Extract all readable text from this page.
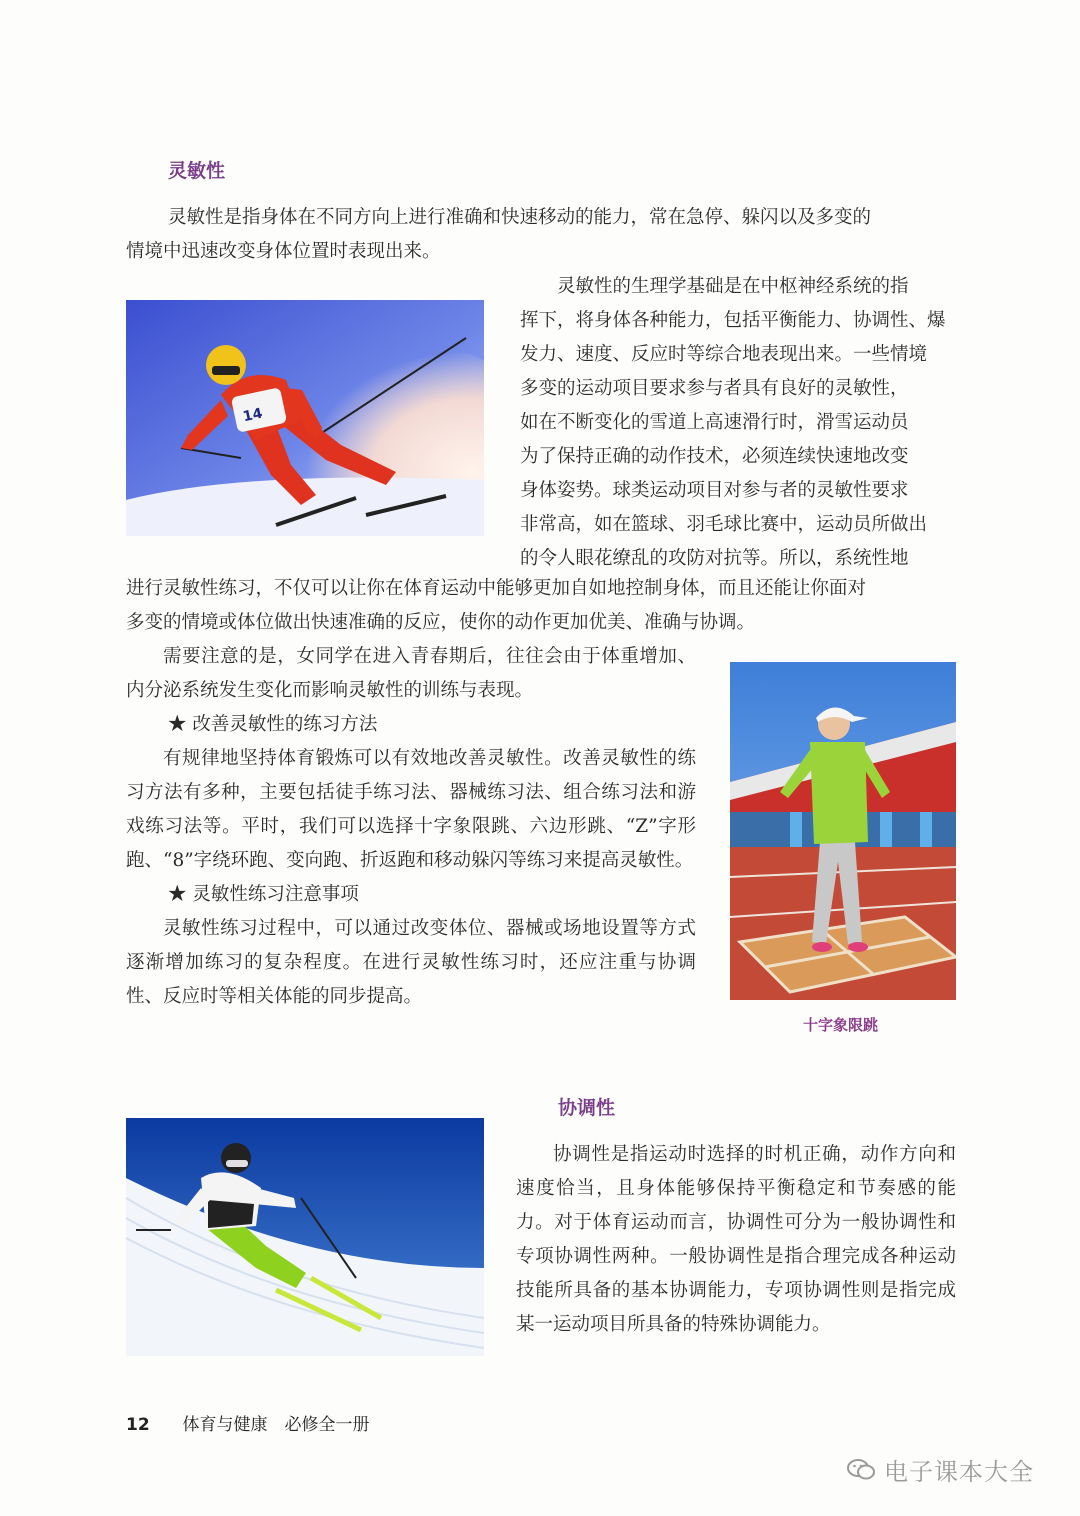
灵敏性
灵敏性是指身体在不同方向上进行准确和快速移动的能力，常在急停、躲闪以及多变的
情境中迅速改变身体位置时表现出来。
14
灵敏性的生理学基础是在中枢神经系统的指
挥下，将身体各种能力，包括平衡能力、协调性、爆
发力、速度、反应时等综合地表现出来。一些情境
多变的运动项目要求参与者具有良好的灵敏性，
如在不断变化的雪道上高速滑行时，滑雪运动员
为了保持正确的动作技术，必须连续快速地改变
身体姿势。球类运动项目对参与者的灵敏性要求
非常高，如在篮球、羽毛球比赛中，运动员所做出
的令人眼花缭乱的攻防对抗等。所以，系统性地
进行灵敏性练习，不仅可以让你在体育运动中能够更加自如地控制身体，而且还能让你面对
多变的情境或体位做出快速准确的反应，使你的动作更加优美、准确与协调。

需要注意的是，女同学在进入青春期后，往往会由于体重增加、内分泌系统发生变化而影响灵敏性的训练与表现。

★ 改善灵敏性的练习方法

有规律地坚持体育锻炼可以有效地改善灵敏性。改善灵敏性的练习方法有多种，主要包括徒手练习法、器械练习法、组合练习法和游戏练习法等。平时，我们可以选择十字象限跳、六边形跳、“Z”字形跑、“8”字绕环跑、变向跑、折返跑和移动躲闪等练习来提高灵敏性。

★ 灵敏性练习注意事项

灵敏性练习过程中，可以通过改变体位、器械或场地设置等方式逐渐增加练习的复杂程度。在进行灵敏性练习时，还应注重与协调性、反应时等相关体能的同步提高。

十字象限跳
协调性

协调性是指运动时选择的时机正确，动作方向和速度恰当，且身体能够保持平衡稳定和节奏感的能力。对于体育运动而言，协调性可分为一般协调性和专项协调性两种。一般协调性是指合理完成各种运动技能所具备的基本协调能力，专项协调性则是指完成某一运动项目所具备的特殊协调能力。

12 体育与健康　必修全一册
电子课本大全
